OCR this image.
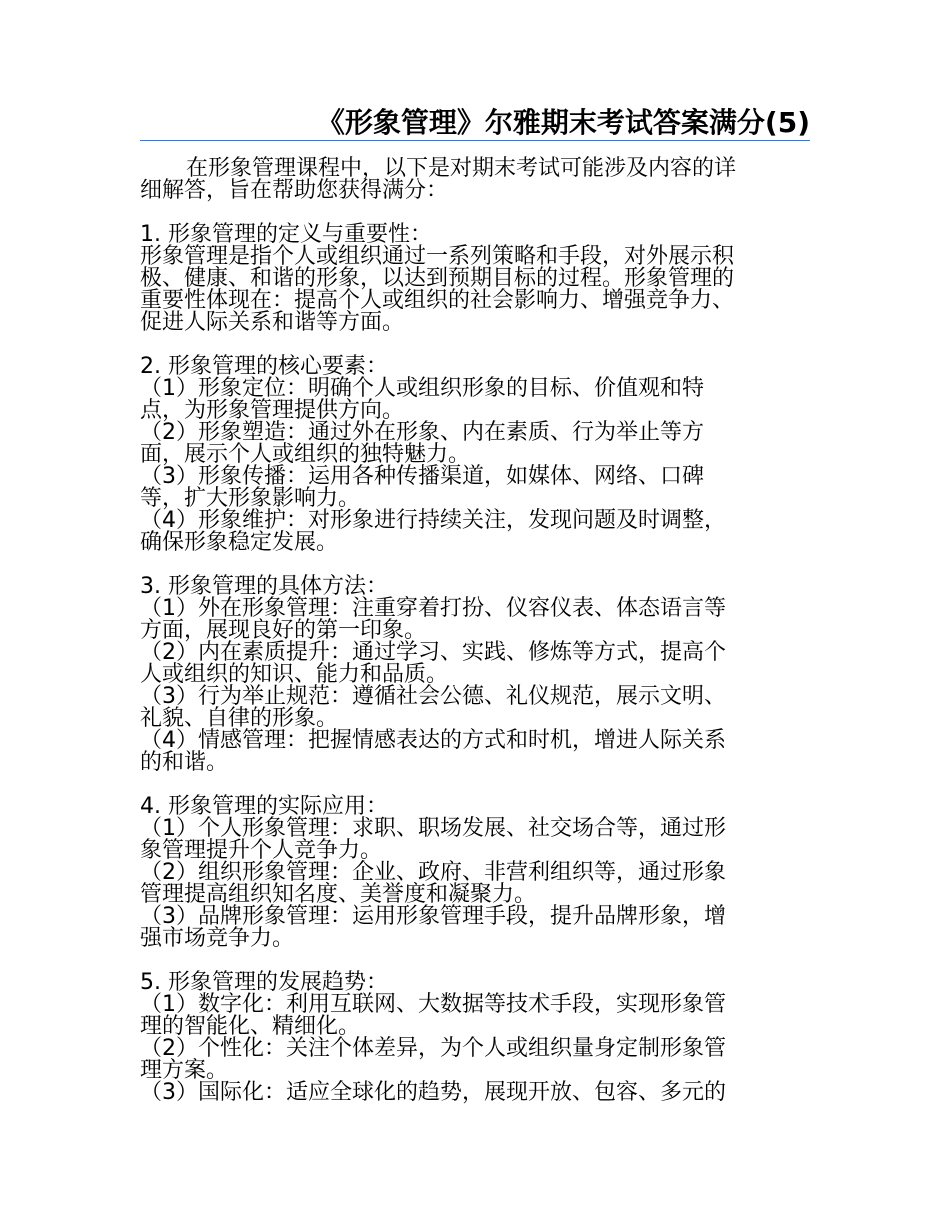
《形象管理》尔雅期末考试答案满分(5)

在形象管理课程中，以下是对期末考试可能涉及内容的详

细解答，旨在帮助您获得满分：

1. 形象管理的定义与重要性：

形象管理是指个人或组织通过一系列策略和手段，对外展示积

极、健康、和谐的形象，以达到预期目标的过程。形象管理的

重要性体现在：提高个人或组织的社会影响力、增强竞争力、

促进人际关系和谐等方面。

2. 形象管理的核心要素：

（1）形象定位：明确个人或组织形象的目标、价值观和特

点，为形象管理提供方向。

（2）形象塑造：通过外在形象、内在素质、行为举止等方

面，展示个人或组织的独特魅力。

（3）形象传播：运用各种传播渠道，如媒体、网络、口碑

等，扩大形象影响力。

（4）形象维护：对形象进行持续关注，发现问题及时调整，

确保形象稳定发展。

3. 形象管理的具体方法：

（1）外在形象管理：注重穿着打扮、仪容仪表、体态语言等

方面，展现良好的第一印象。

（2）内在素质提升：通过学习、实践、修炼等方式，提高个

人或组织的知识、能力和品质。

（3）行为举止规范：遵循社会公德、礼仪规范，展示文明、

礼貌、自律的形象。

（4）情感管理：把握情感表达的方式和时机，增进人际关系

的和谐。

4. 形象管理的实际应用：

（1）个人形象管理：求职、职场发展、社交场合等，通过形

象管理提升个人竞争力。

（2）组织形象管理：企业、政府、非营利组织等，通过形象

管理提高组织知名度、美誉度和凝聚力。

（3）品牌形象管理：运用形象管理手段，提升品牌形象，增

强市场竞争力。

5. 形象管理的发展趋势：

（1）数字化：利用互联网、大数据等技术手段，实现形象管

理的智能化、精细化。

（2）个性化：关注个体差异，为个人或组织量身定制形象管

理方案。

（3）国际化：适应全球化的趋势，展现开放、包容、多元的
